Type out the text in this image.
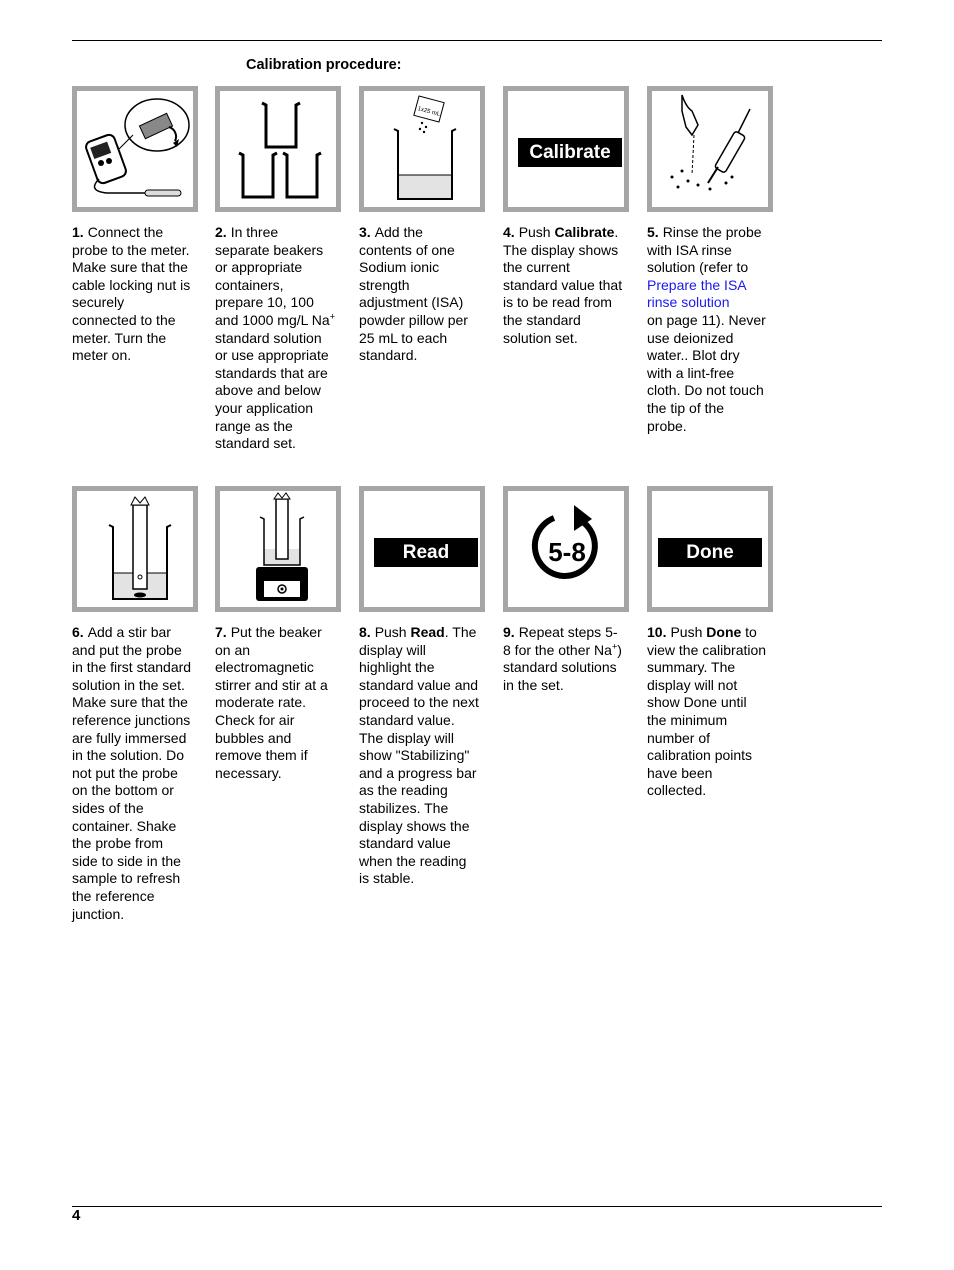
Calibration procedure:
1x25 mL
Calibrate
1. Connect the probe to the meter. Make sure that the cable locking nut is securely connected to the meter. Turn the meter on.
2. In three separate beakers or appropriate containers, prepare 10, 100 and 1000 mg/L Na+ standard solution or use appropriate standards that are above and below your application range as the standard set.
3. Add the contents of one Sodium ionic strength adjustment (ISA) powder pillow per 25 mL to each standard.
4. Push Calibrate. The display shows the current standard value that is to be read from the standard solution set.
5. Rinse the probe with ISA rinse solution (refer to Prepare the ISA rinse solution
on page 11). Never use deionized water.. Blot dry with a lint-free cloth. Do not touch the tip of the probe.
Read	5-8	Done
6. Add a stir bar and put the probe in the first standard solution in the set. Make sure that the reference junctions are fully immersed in the solution. Do not put the probe on the bottom or sides of the container. Shake the probe from side to side in the sample to refresh the reference junction.
7. Put the beaker on an electromagnetic stirrer and stir at a moderate rate. Check for air bubbles and remove them if necessary.
8. Push Read. The display will highlight the standard value and proceed to the next standard value. The display will show "Stabilizing" and a progress bar as the reading stabilizes. The display shows the standard value when the reading is stable.
9. Repeat steps 5-8 for the other Na+) standard solutions in the set.
10. Push Done to view the calibration summary. The display will not show Done until the minimum number of calibration points have been collected.
4
